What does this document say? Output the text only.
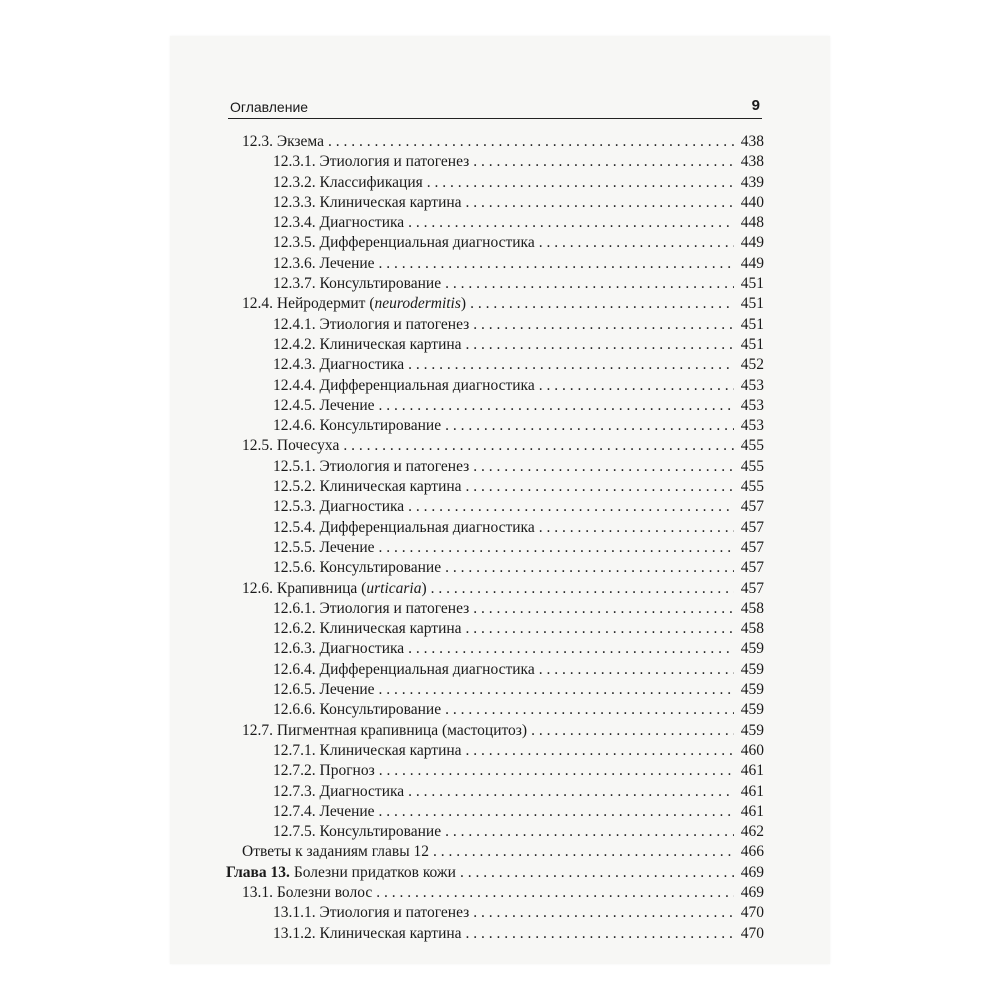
Оглавление	9
12.3. Экзема . . .	438
12.3.1. Этиология и патогенез . . .	438
12.3.2. Классификация . . .	439
12.3.3. Клиническая картина . . .	440
12.3.4. Диагностика . . .	448
12.3.5. Дифференциальная диагностика . . .	449
12.3.6. Лечение . . .	449
12.3.7. Консультирование . . .	451
12.4. Нейродермит (neurodermitis) . . .	451
12.4.1. Этиология и патогенез . . .	451
12.4.2. Клиническая картина . . .	451
12.4.3. Диагностика . . .	452
12.4.4. Дифференциальная диагностика . . .	453
12.4.5. Лечение . . .	453
12.4.6. Консультирование . . .	453
12.5. Почесуха . . .	455
12.5.1. Этиология и патогенез . . .	455
12.5.2. Клиническая картина . . .	455
12.5.3. Диагностика . . .	457
12.5.4. Дифференциальная диагностика . . .	457
12.5.5. Лечение . . .	457
12.5.6. Консультирование . . .	457
12.6. Крапивница (urticaria) . . .	457
12.6.1. Этиология и патогенез . . .	458
12.6.2. Клиническая картина . . .	458
12.6.3. Диагностика . . .	459
12.6.4. Дифференциальная диагностика . . .	459
12.6.5. Лечение . . .	459
12.6.6. Консультирование . . .	459
12.7. Пигментная крапивница (мастоцитоз) . . .	459
12.7.1. Клиническая картина . . .	460
12.7.2. Прогноз . . .	461
12.7.3. Диагностика . . .	461
12.7.4. Лечение . . .	461
12.7.5. Консультирование . . .	462
Ответы к заданиям главы 12 . . .	466
Глава 13. Болезни придатков кожи . . .	469
13.1. Болезни волос . . .	469
13.1.1. Этиология и патогенез . . .	470
13.1.2. Клиническая картина . . .	470
